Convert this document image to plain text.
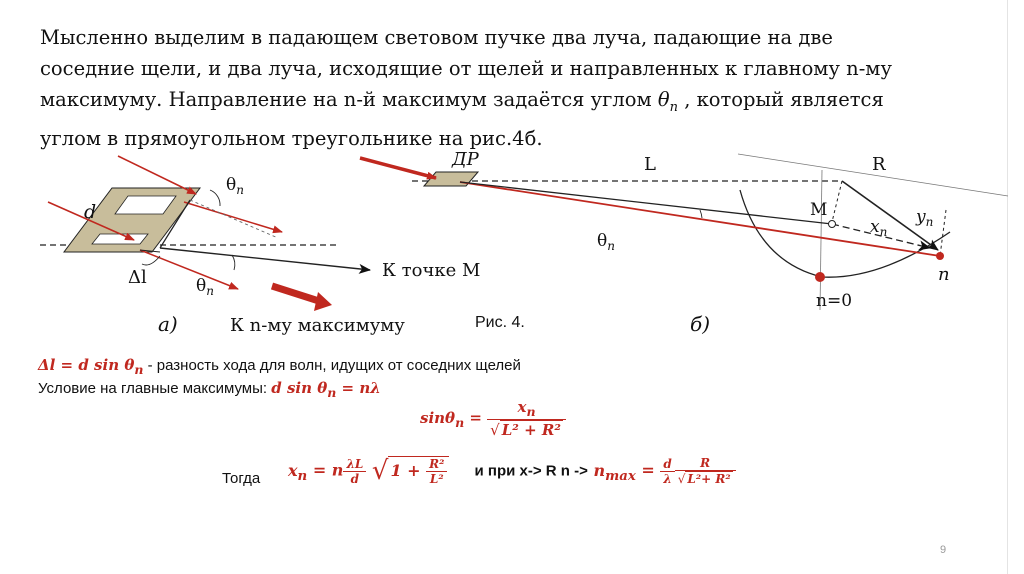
Мысленно выделим в падающем световом пучке два луча, падающие на две
соседние щели, и два луча, исходящие от щелей и направленных к главному n-му
максимуму. Направление на n-й максимум задаётся углом $\theta_n$ , который является
углом в прямоугольном треугольнике на рис.4б.
d
$\theta_n$
Δl	$\theta_n$
К точке M
а)	К n-му максимуму
ДР	L	R
M
$x_n$
$y_n$
$\theta_n$
n
n=0
б)
Рис. 4.
Δl = d $\sin \theta_n$ - разность хода для волн, идущих от соседних щелей
Условие на главные максимумы: d $\sin \theta_n = n\lambda$
$\sin\theta_n = \frac{x_n}{\text{√ L² + R²}}$
Тогда $x_n = n \frac{\lambda L}{d}$ √ $1 + \frac{\text{R²}}{\text{L²}}$ и при x-> R $n -> n_{max} = \frac{d}{\lambda} \frac{R}{\text{√ L²+ R²}}$
9
